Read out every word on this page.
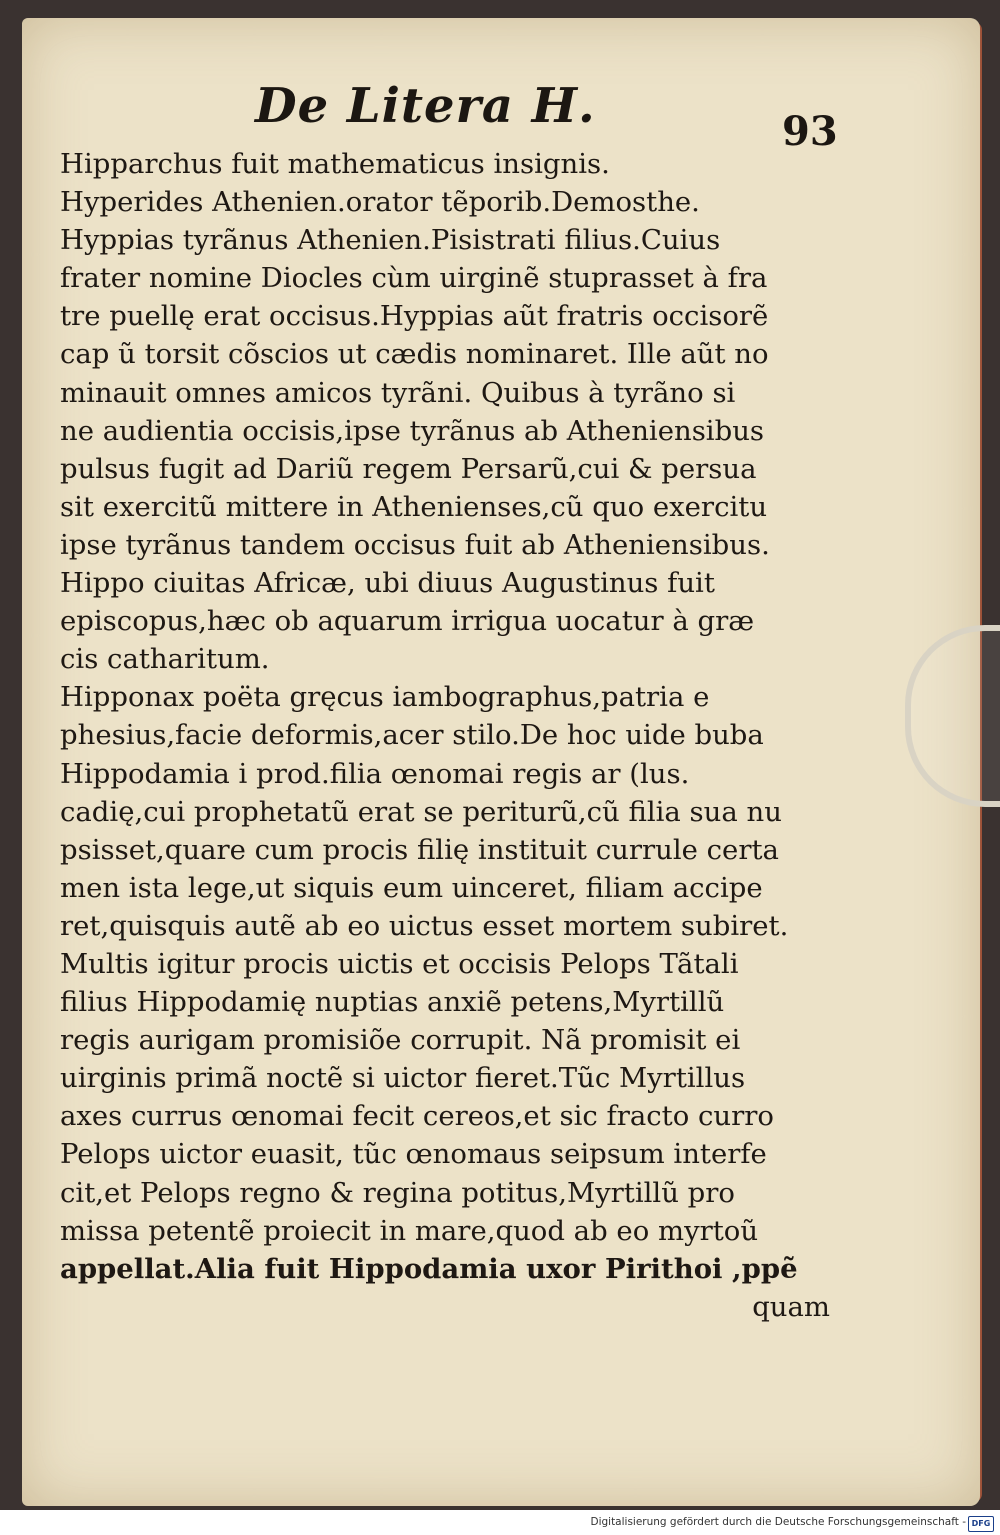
De Litera H.	93
Hipparchus fuit mathematicus insignis.
Hyperides Athenien.orator tẽporib.Demosthe.
Hyppias tyrãnus Athenien.Pisistrati filius.Cuius
frater nomine Diocles cùm uirginẽ stuprasset à fra
tre puellę erat occisus.Hyppias aũt fratris occisorẽ
cap ũ torsit cõscios ut cædis nominaret. Ille aũt no
minauit omnes amicos tyrãni. Quibus à tyrãno si
ne audientia occisis,ipse tyrãnus ab Atheniensibus
pulsus fugit ad Dariũ regem Persarũ,cui & persua
sit exercitũ mittere in Athenienses,cũ quo exercitu
ipse tyrãnus tandem occisus fuit ab Atheniensibus.
Hippo ciuitas Africæ, ubi diuus Augustinus fuit
episcopus,hæc ob aquarum irrigua uocatur à græ
cis catharitum.
Hipponax poëta gręcus iambographus,patria e
phesius,facie deformis,acer stilo.De hoc uide buba
Hippodamia i prod.filia œnomai regis ar (lus.
cadię,cui prophetatũ erat se periturũ,cũ filia sua nu
psisset,quare cum procis filię instituit currule certa
men ista lege,ut siquis eum uinceret, filiam accipe
ret,quisquis autẽ ab eo uictus esset mortem subiret.
Multis igitur procis uictis et occisis Pelops Tãtali
filius Hippodamię nuptias anxiẽ petens,Myrtillũ
regis aurigam promisiõe corrupit. Nã promisit ei
uirginis primã noctẽ si uictor fieret.Tũc Myrtillus
axes currus œnomai fecit cereos,et sic fracto curro
Pelops uictor euasit, tũc œnomaus seipsum interfe
cit,et Pelops regno & regina potitus,Myrtillũ pro
missa petentẽ proiecit in mare,quod ab eo myrtoũ
appellat.Alia fuit Hippodamia uxor Pirithoi ,ppẽ
quam
Digitalisierung gefördert durch die Deutsche Forschungsgemeinschaft - DFG
